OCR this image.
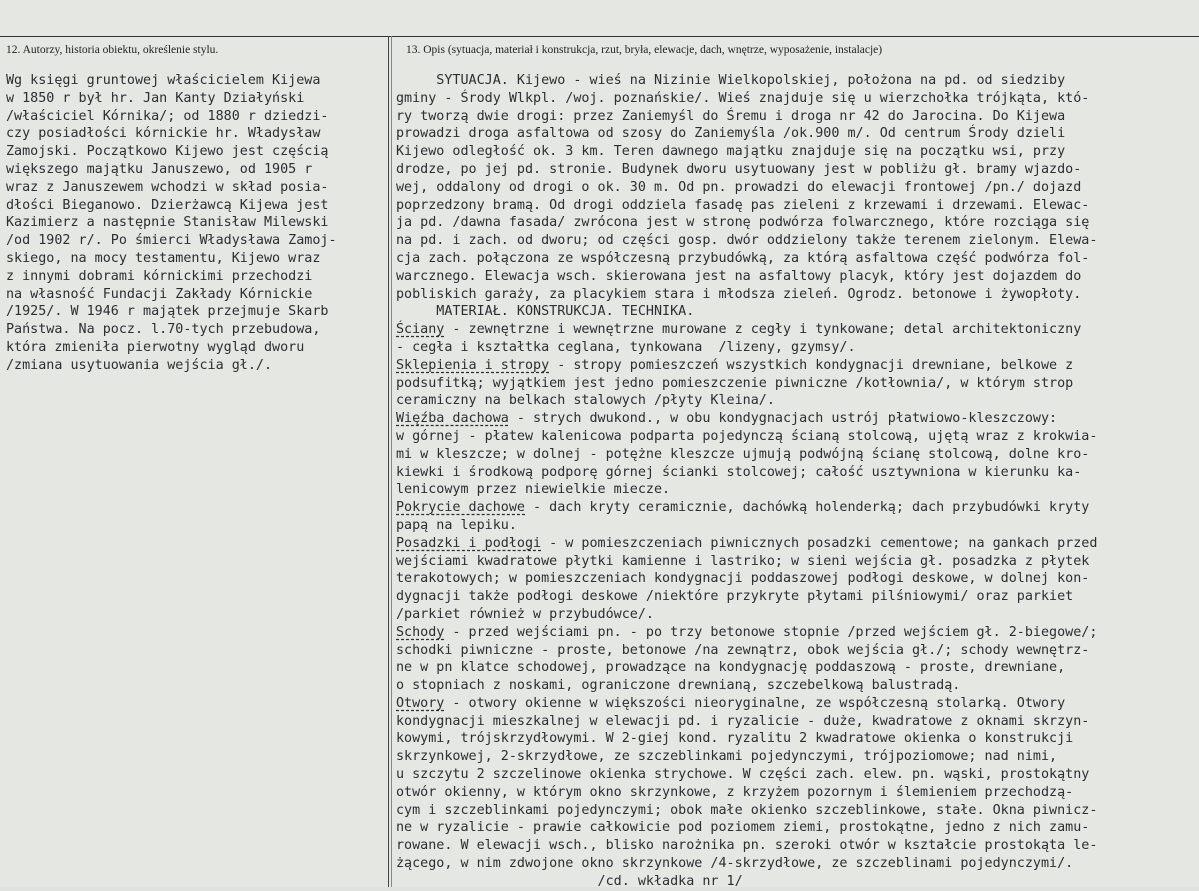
12. Autorzy, historia obiektu, określenie stylu.	13. Opis (sytuacja, materiał i konstrukcja, rzut, bryła, elewacje, dach, wnętrze, wyposażenie, instalacje)
Wg księgi gruntowej właścicielem Kijewa
w 1850 r był hr. Jan Kanty Działyński
/właściciel Kórnika/; od 1880 r dziedzi-
czy posiadłości kórnickie hr. Władysław
Zamojski. Początkowo Kijewo jest częścią
większego majątku Januszewo, od 1905 r
wraz z Januszewem wchodzi w skład posia-
dłości Bieganowo. Dzierżawcą Kijewa jest
Kazimierz a następnie Stanisław Milewski
/od 1902 r/. Po śmierci Władysława Zamoj-
skiego, na mocy testamentu, Kijewo wraz
z innymi dobrami kórnickimi przechodzi
na własność Fundacji Zakłady Kórnickie
/1925/. W 1946 r majątek przejmuje Skarb
Państwa. Na pocz. l.70-tych przebudowa,
która zmieniła pierwotny wygląd dworu
/zmiana usytuowania wejścia gł./.
SYTUACJA. Kijewo - wieś na Nizinie Wielkopolskiej, położona na pd. od siedziby
gminy - Środy Wlkpl. /woj. poznańskie/. Wieś znajduje się u wierzchołka trójkąta, któ-
ry tworzą dwie drogi: przez Zaniemyśl do Śremu i droga nr 42 do Jarocina. Do Kijewa
prowadzi droga asfaltowa od szosy do Zaniemyśla /ok.900 m/. Od centrum Środy dzieli
Kijewo odległość ok. 3 km. Teren dawnego majątku znajduje się na początku wsi, przy
drodze, po jej pd. stronie. Budynek dworu usytuowany jest w pobliżu gł. bramy wjazdo-
wej, oddalony od drogi o ok. 30 m. Od pn. prowadzi do elewacji frontowej /pn./ dojazd
poprzedzony bramą. Od drogi oddziela fasadę pas zieleni z krzewami i drzewami. Elewac-
ja pd. /dawna fasada/ zwrócona jest w stronę podwórza folwarcznego, które rozciąga się
na pd. i zach. od dworu; od części gosp. dwór oddzielony także terenem zielonym. Elewa-
cja zach. połączona ze współczesną przybudówką, za którą asfaltowa część podwórza fol-
warcznego. Elewacja wsch. skierowana jest na asfaltowy placyk, który jest dojazdem do
pobliskich garaży, za placykiem stara i młodsza zieleń. Ogrodz. betonowe i żywopłoty.
MATERIAŁ. KONSTRUKCJA. TECHNIKA.
Ściany - zewnętrzne i wewnętrzne murowane z cegły i tynkowane; detal architektoniczny
- cegła i kształtka ceglana, tynkowana  /lizeny, gzymsy/.
Sklepienia i stropy - stropy pomieszczeń wszystkich kondygnacji drewniane, belkowe z
podsufitką; wyjątkiem jest jedno pomieszczenie piwniczne /kotłownia/, w którym strop
ceramiczny na belkach stalowych /płyty Kleina/.
Więźba dachowa - strych dwukond., w obu kondygnacjach ustrój płatwiowo-kleszczowy:
w górnej - płatew kalenicowa podparta pojedynczą ścianą stolcową, ujętą wraz z krokwia-
mi w kleszcze; w dolnej - potężne kleszcze ujmują podwójną ścianę stolcową, dolne kro-
kiewki i środkową podporę górnej ścianki stolcowej; całość usztywniona w kierunku ka-
lenicowym przez niewielkie miecze.
Pokrycie dachowe - dach kryty ceramicznie, dachówką holenderką; dach przybudówki kryty
papą na lepiku.
Posadzki i podłogi - w pomieszczeniach piwnicznych posadzki cementowe; na gankach przed
wejściami kwadratowe płytki kamienne i lastriko; w sieni wejścia gł. posadzka z płytek
terakotowych; w pomieszczeniach kondygnacji poddaszowej podłogi deskowe, w dolnej kon-
dygnacji także podłogi deskowe /niektóre przykryte płytami pilśniowymi/ oraz parkiet
/parkiet również w przybudówce/.
Schody - przed wejściami pn. - po trzy betonowe stopnie /przed wejściem gł. 2-biegowe/;
schodki piwniczne - proste, betonowe /na zewnątrz, obok wejścia gł./; schody wewnętrz-
ne w pn klatce schodowej, prowadzące na kondygnację poddaszową - proste, drewniane,
o stopniach z noskami, ograniczone drewnianą, szczebelkową balustradą.
Otwory - otwory okienne w większości nieoryginalne, ze współczesną stolarką. Otwory
kondygnacji mieszkalnej w elewacji pd. i ryzalicie - duże, kwadratowe z oknami skrzyn-
kowymi, trójskrzydłowymi. W 2-giej kond. ryzalitu 2 kwadratowe okienka o konstrukcji
skrzynkowej, 2-skrzydłowe, ze szczeblinkami pojedynczymi, trójpoziomowe; nad nimi,
u szczytu 2 szczelinowe okienka strychowe. W części zach. elew. pn. wąski, prostokątny
otwór okienny, w którym okno skrzynkowe, z krzyżem pozornym i ślemieniem przechodzą-
cym i szczeblinkami pojedynczymi; obok małe okienko szczeblinkowe, stałe. Okna piwnicz-
ne w ryzalicie - prawie całkowicie pod poziomem ziemi, prostokątne, jedno z nich zamu-
rowane. W elewacji wsch., blisko narożnika pn. szeroki otwór w kształcie prostokąta le-
żącego, w nim zdwojone okno skrzynkowe /4-skrzydłowe, ze szczeblinami pojedynczymi/.
/cd. wkładka nr 1/
